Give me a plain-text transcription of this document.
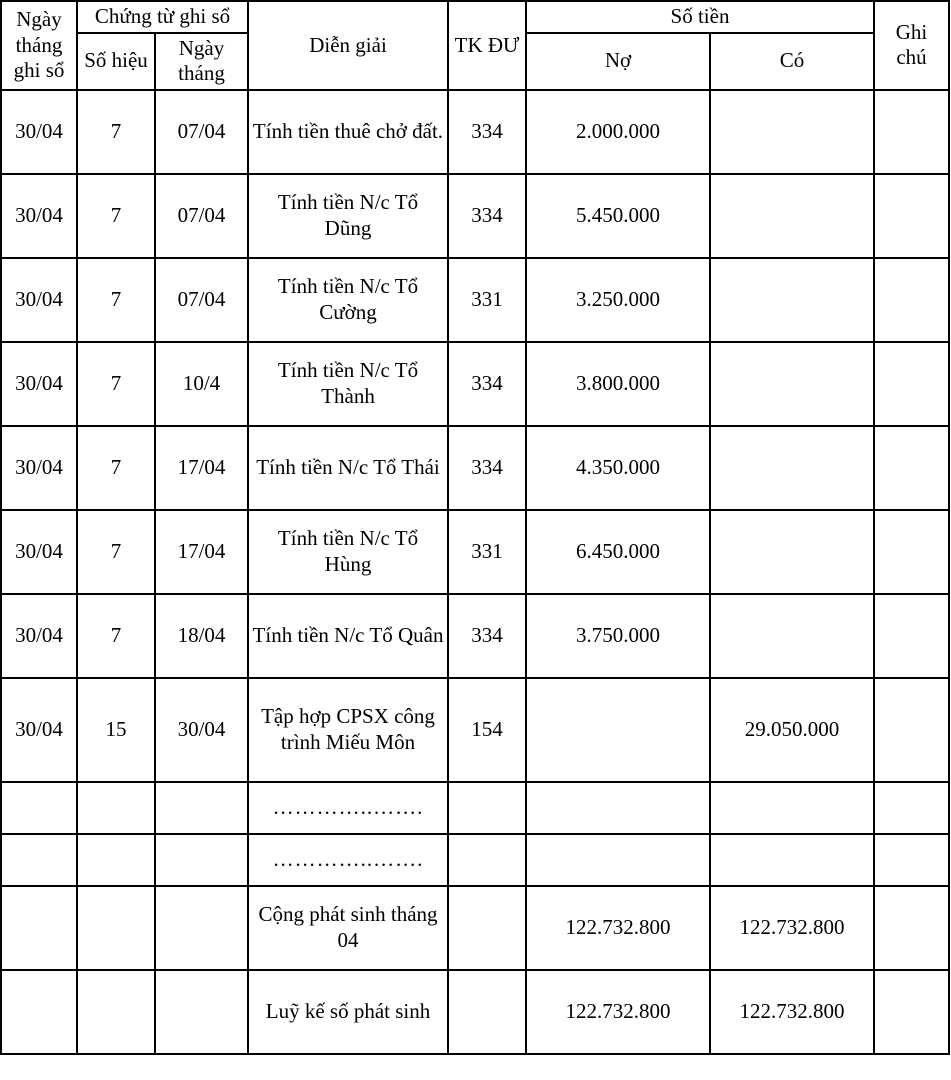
Ngày tháng ghi sổ	Chứng từ ghi sổ		Diễn giải	TK ĐƯ	Số tiền		Ghi chú
	Số hiệu	Ngày tháng			Nợ	Có	

30/04	7	07/04	Tính tiền thuê chở đất.	334	2.000.000		
30/04	7	07/04	Tính tiền N/c Tổ Dũng	334	5.450.000		
30/04	7	07/04	Tính tiền N/c Tổ Cường	331	3.250.000		
30/04	7	10/4	Tính tiền N/c Tổ Thành	334	3.800.000		
30/04	7	17/04	Tính tiền N/c Tổ Thái	334	4.350.000		
30/04	7	17/04	Tính tiền N/c Tổ Hùng	331	6.450.000		
30/04	7	18/04	Tính tiền N/c Tổ Quân	334	3.750.000		
30/04	15	30/04	Tập hợp CPSX công trình Miếu Môn	154		29.050.000	
			…………..…….				
			…………..…….				
			Cộng phát sinh tháng 04		122.732.800	122.732.800	
			Luỹ kế số phát sinh		122.732.800	122.732.800	
